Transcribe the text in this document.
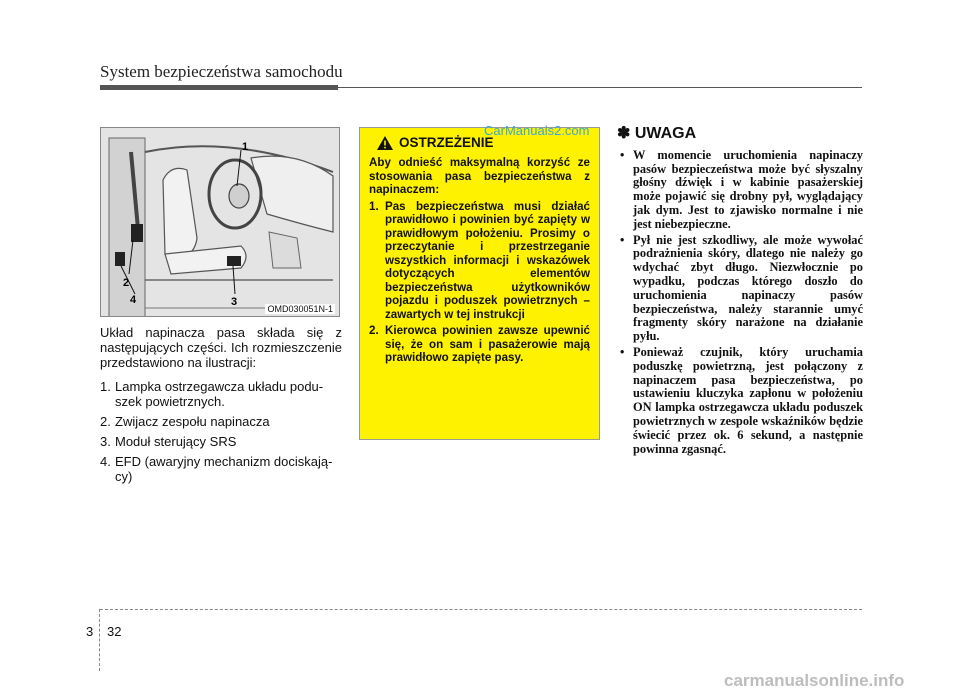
System bezpieczeństwa samochodu
1
2
3
4
OMD030051N-1

Układ napinacza pasa składa się z następujących części. Ich rozmieszczenie przedstawiono na ilustracji:

1. Lampka ostrzegawcza układu poduszek powietrznych.
2. Zwijacz zespołu napinacza
3. Moduł sterujący SRS
4. EFD (awaryjny mechanizm dociskający)
OSTRZEŻENIE

Aby odnieść maksymalną korzyść ze stosowania pasa bezpieczeństwa z napinaczem:

1. Pas bezpieczeństwa musi działać prawidłowo i powinien być zapięty w prawidłowym położeniu. Prosimy o przeczytanie i przestrzeganie wszystkich informacji i wskazówek dotyczących elementów bezpieczeństwa użytkowników pojazdu i poduszek powietrznych – zawartych w tej instrukcji
2. Kierowca powinien zawsze upewnić się, że on sam i pasażerowie mają prawidłowo zapięte pasy.
CarManuals2.com ✽ UWAGA
• W momencie uruchomienia napinaczy pasów bezpieczeństwa może być słyszalny głośny dźwięk i w kabinie pasażerskiej może pojawić się drobny pył, wyglądający jak dym. Jest to zjawisko normalne i nie jest niebezpieczne.
• Pył nie jest szkodliwy, ale może wywołać podrażnienia skóry, dlatego nie należy go wdychać zbyt długo. Niezwłocznie po wypadku, podczas którego doszło do uruchomienia napinaczy pasów bezpieczeństwa, należy starannie umyć fragmenty skóry narażone na działanie pyłu.
• Ponieważ czujnik, który uruchamia poduszkę powietrzną, jest połączony z napinaczem pasa bezpieczeństwa, po ustawieniu kluczyka zapłonu w położeniu ON lampka ostrzegawcza układu poduszek powietrznych w zespole wskaźników będzie świecić przez ok. 6 sekund, a następnie powinna zgasnąć.
3 32
carmanualsonline.info
